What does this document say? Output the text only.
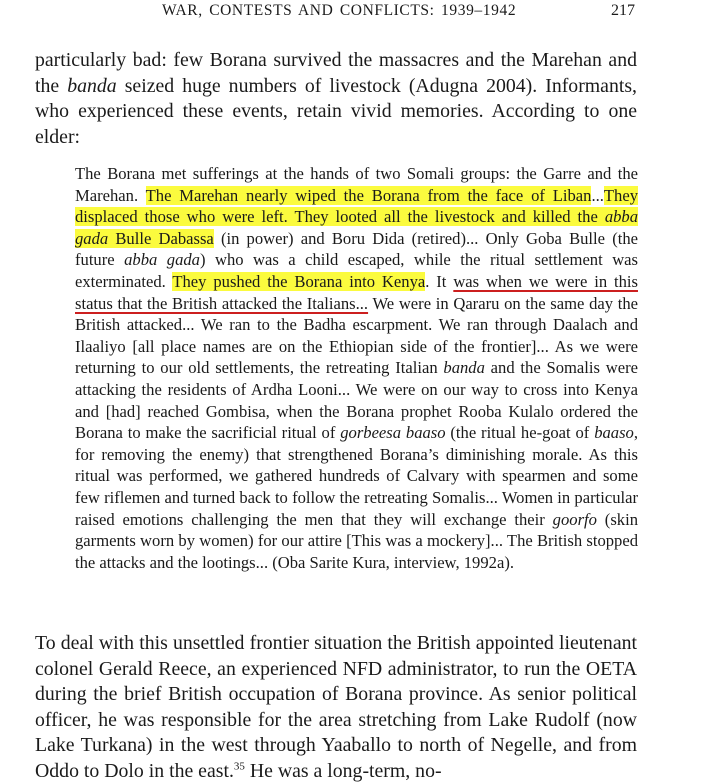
WAR, CONTESTS AND CONFLICTS: 1939–1942	217

particularly bad: few Borana survived the massacres and the Marehan and the banda seized huge numbers of livestock (Adugna 2004). Informants, who experienced these events, retain vivid memories. According to one elder:

The Borana met sufferings at the hands of two Somali groups: the Garre and the Marehan. The Marehan nearly wiped the Borana from the face of Liban...They displaced those who were left. They looted all the livestock and killed the abba gada Bulle Dabassa (in power) and Boru Dida (retired)... Only Goba Bulle (the future abba gada) who was a child escaped, while the ritual settlement was exterminated. They pushed the Borana into Kenya. It was when we were in this status that the British attacked the Italians... We were in Qararu on the same day the British attacked... We ran to the Badha escarpment. We ran through Daalach and Ilaaliyo [all place names are on the Ethiopian side of the frontier]... As we were returning to our old settlements, the retreating Italian banda and the Somalis were attacking the residents of Ardha Looni... We were on our way to cross into Kenya and [had] reached Gombisa, when the Borana prophet Rooba Kulalo ordered the Borana to make the sacrificial ritual of gorbeesa baaso (the ritual he-goat of baaso, for removing the enemy) that strengthened Borana’s diminishing morale. As this ritual was performed, we gathered hundreds of Calvary with spearmen and some few riflemen and turned back to follow the retreating Somalis... Women in particular raised emotions challenging the men that they will exchange their goorfo (skin garments worn by women) for our attire [This was a mockery]... The British stopped the attacks and the lootings... (Oba Sarite Kura, interview, 1992a).

To deal with this unsettled frontier situation the British appointed lieutenant colonel Gerald Reece, an experienced NFD administrator, to run the OETA during the brief British occupation of Borana province. As senior political officer, he was responsible for the area stretching from Lake Rudolf (now Lake Turkana) in the west through Yaaballo to north of Negelle, and from Oddo to Dolo in the east.$^{35}$ He was a long-term, no-
